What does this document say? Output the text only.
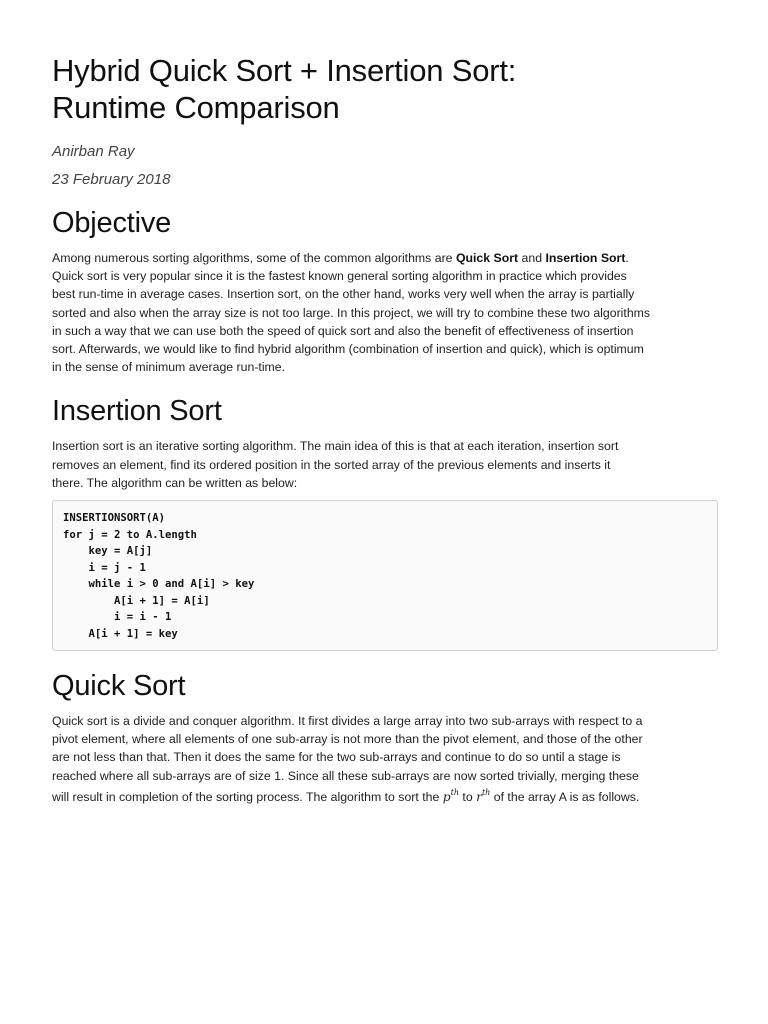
Hybrid Quick Sort + Insertion Sort:
Runtime Comparison

Anirban Ray

23 February 2018

Objective

Among numerous sorting algorithms, some of the common algorithms are Quick Sort and Insertion Sort.
Quick sort is very popular since it is the fastest known general sorting algorithm in practice which provides
best run-time in average cases. Insertion sort, on the other hand, works very well when the array is partially
sorted and also when the array size is not too large. In this project, we will try to combine these two algorithms
in such a way that we can use both the speed of quick sort and also the benefit of effectiveness of insertion
sort. Afterwards, we would like to find hybrid algorithm (combination of insertion and quick), which is optimum
in the sense of minimum average run-time.

Insertion Sort

Insertion sort is an iterative sorting algorithm. The main idea of this is that at each iteration, insertion sort
removes an element, find its ordered position in the sorted array of the previous elements and inserts it
there. The algorithm can be written as below:

INSERTIONSORT(A)
for j = 2 to A.length
key = A[j]
i = j - 1
while i > 0 and A[i] > key
A[i + 1] = A[i]
i = i - 1
A[i + 1] = key
Quick Sort

Quick sort is a divide and conquer algorithm. It first divides a large array into two sub-arrays with respect to a
pivot element, where all elements of one sub-array is not more than the pivot element, and those of the other
are not less than that. Then it does the same for the two sub-arrays and continue to do so until a stage is
reached where all sub-arrays are of size 1. Since all these sub-arrays are now sorted trivially, merging these
will result in completion of the sorting process. The algorithm to sort the $p^{th}$ to $r^{th}$ of the array A is as follows.
